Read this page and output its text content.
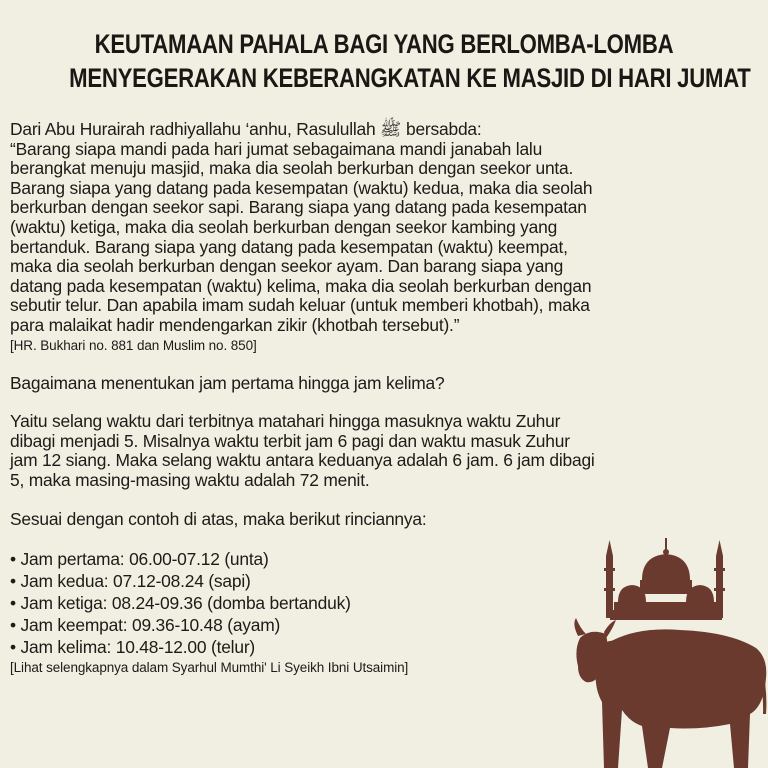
KEUTAMAAN PAHALA BAGI YANG BERLOMBA-LOMBA
MENYEGERAKAN KEBERANGKATAN KE MASJID DI HARI JUMAT

Dari Abu Hurairah radhiyallahu ‘anhu, Rasulullah ﷺ bersabda:

“Barang siapa mandi pada hari jumat sebagaimana mandi janabah lalu

berangkat menuju masjid, maka dia seolah berkurban dengan seekor unta.

Barang siapa yang datang pada kesempatan (waktu) kedua, maka dia seolah

berkurban dengan seekor sapi. Barang siapa yang datang pada kesempatan

(waktu) ketiga, maka dia seolah berkurban dengan seekor kambing yang

bertanduk. Barang siapa yang datang pada kesempatan (waktu) keempat,

maka dia seolah berkurban dengan seekor ayam. Dan barang siapa yang

datang pada kesempatan (waktu) kelima, maka dia seolah berkurban dengan

sebutir telur. Dan apabila imam sudah keluar (untuk memberi khotbah), maka

para malaikat hadir mendengarkan zikir (khotbah tersebut).”

[HR. Bukhari no. 881 dan Muslim no. 850]

Bagaimana menentukan jam pertama hingga jam kelima?

Yaitu selang waktu dari terbitnya matahari hingga masuknya waktu Zuhur

dibagi menjadi 5. Misalnya waktu terbit jam 6 pagi dan waktu masuk Zuhur

jam 12 siang. Maka selang waktu antara keduanya adalah 6 jam. 6 jam dibagi

5, maka masing-masing waktu adalah 72 menit.

Sesuai dengan contoh di atas, maka berikut rinciannya:

• Jam pertama: 06.00-07.12 (unta)

• Jam kedua: 07.12-08.24 (sapi)

• Jam ketiga: 08.24-09.36 (domba bertanduk)

• Jam keempat: 09.36-10.48 (ayam)

• Jam kelima: 10.48-12.00 (telur)

[Lihat selengkapnya dalam Syarhul Mumthi' Li Syeikh Ibni Utsaimin]
